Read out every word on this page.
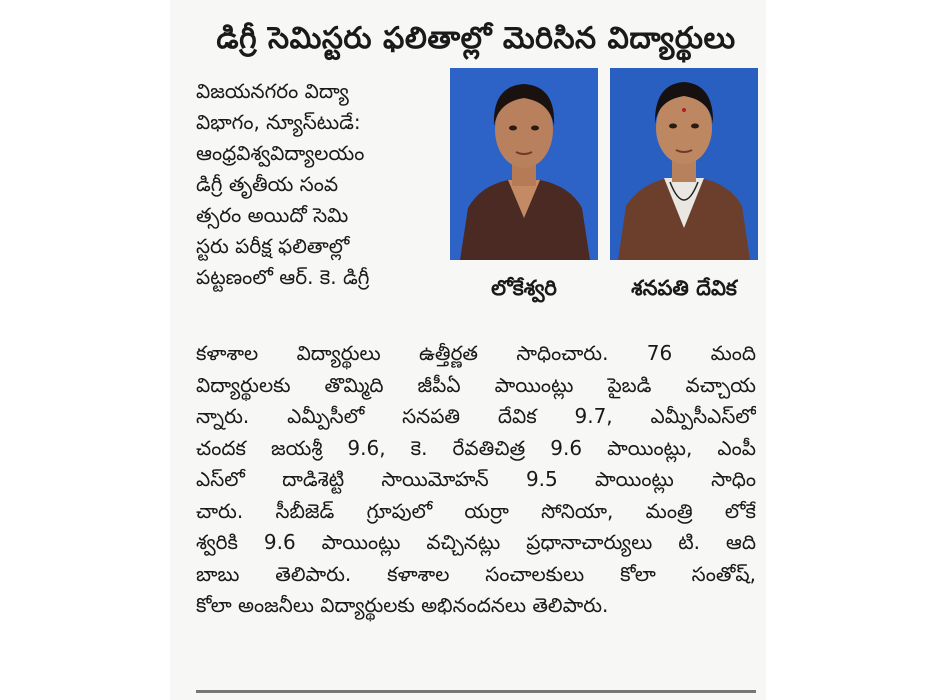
డిగ్రీ సెమిస్టరు ఫలితాల్లో మెరిసిన విద్యార్థులు
విజయనగరం విద్యా
విభాగం, న్యూస్‌టుడే:
ఆంధ్రవిశ్వవిద్యాలయం
డిగ్రీ తృతీయ సంవ
త్సరం అయిదో సెమి
స్టరు పరీక్ష ఫలితాల్లో
పట్టణంలో ఆర్. కె. డిగ్రీ	లోకేశ్వరి	శనపతి దేవిక
కళాశాల విద్యార్థులు ఉత్తీర్ణత సాధించారు. 76 మంది
విద్యార్థులకు తొమ్మిది జీపీఏ పాయింట్లు పైబడి వచ్చాయ
న్నారు. ఎమ్పీసీలో సనపతి దేవిక 9.7, ఎమ్పీసీఎస్‌లో
చందక జయశ్రీ 9.6, కె. రేవతిచిత్ర 9.6 పాయింట్లు, ఎంపీ
ఎస్‌లో దాడిశెట్టి సాయిమోహన్ 9.5 పాయింట్లు సాధిం
చారు. సీబీజెడ్ గ్రూపులో యర్రా సోనియా, మంత్రి లోకే
శ్వరికి 9.6 పాయింట్లు వచ్చినట్లు ప్రధానాచార్యులు టి. ఆది
బాబు తెలిపారు. కళాశాల సంచాలకులు కోలా సంతోష్,
కోలా అంజనీలు విద్యార్థులకు అభినందనలు తెలిపారు.
